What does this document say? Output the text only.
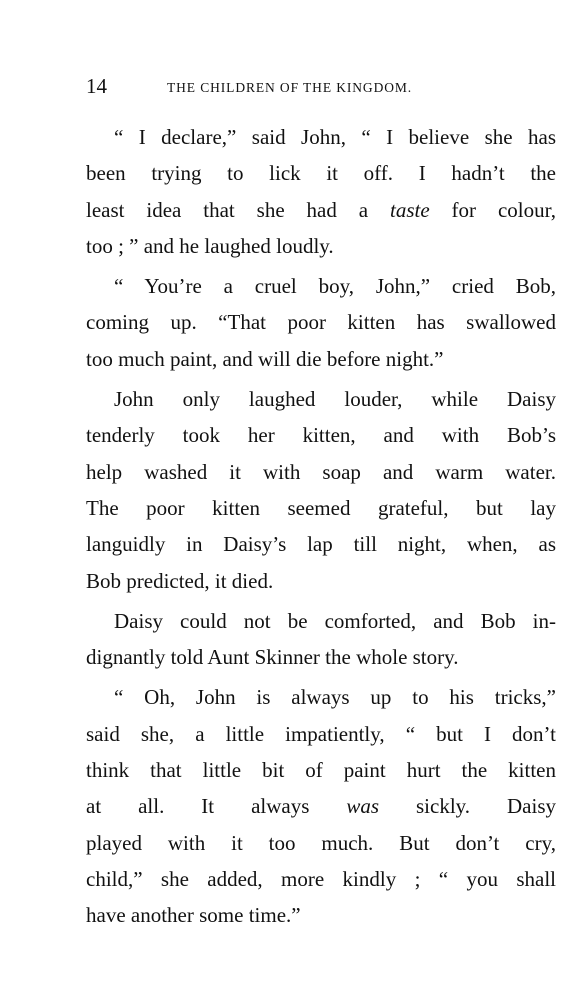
14	THE CHILDREN OF THE KINGDOM.
“ I declare,” said John, “ I believe she has
been trying to lick it off. I hadn’t the
least idea that she had a taste for colour,
too ; ” and he laughed loudly.
“ You’re a cruel boy, John,” cried Bob,
coming up. “That poor kitten has swallowed
too much paint, and will die before night.”
John only laughed louder, while Daisy
tenderly took her kitten, and with Bob’s
help washed it with soap and warm water.
The poor kitten seemed grateful, but lay
languidly in Daisy’s lap till night, when, as
Bob predicted, it died.
Daisy could not be comforted, and Bob in-
dignantly told Aunt Skinner the whole story.
“ Oh, John is always up to his tricks,”
said she, a little impatiently, “ but I don’t
think that little bit of paint hurt the kitten
at all. It always was sickly. Daisy
played with it too much. But don’t cry,
child,” she added, more kindly ; “ you shall
have another some time.”
